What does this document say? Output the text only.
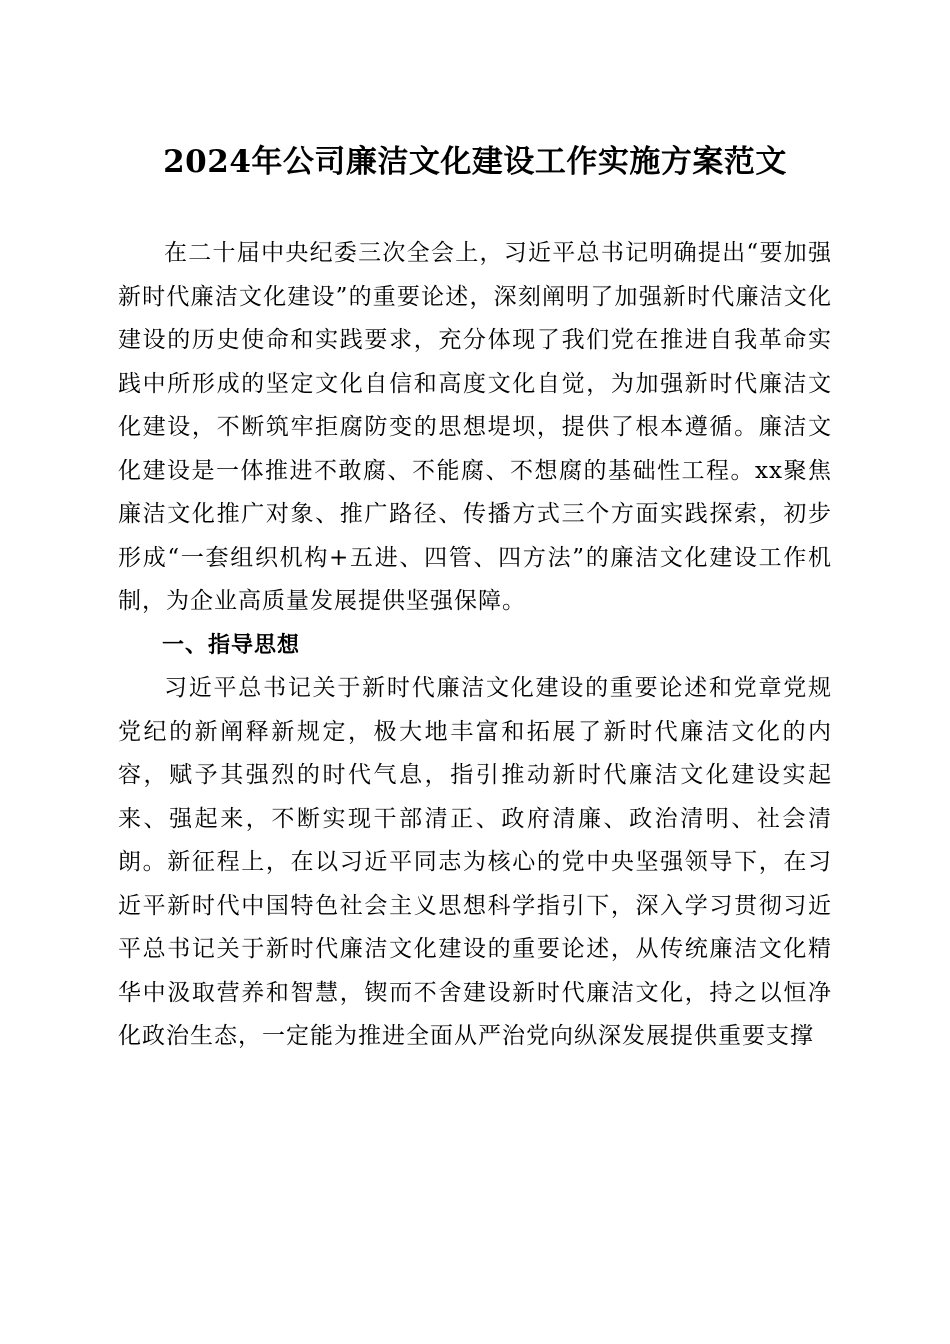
2024年公司廉洁文化建设工作实施方案范文

在二十届中央纪委三次全会上，习近平总书记明确提出“要加强新时代廉洁文化建设”的重要论述，深刻阐明了加强新时代廉洁文化建设的历史使命和实践要求，充分体现了我们党在推进自我革命实践中所形成的坚定文化自信和高度文化自觉，为加强新时代廉洁文化建设，不断筑牢拒腐防变的思想堤坝，提供了根本遵循。廉洁文化建设是一体推进不敢腐、不能腐、不想腐的基础性工程。xx聚焦廉洁文化推广对象、推广路径、传播方式三个方面实践探索，初步形成“一套组织机构+五进、四管、四方法”的廉洁文化建设工作机制，为企业高质量发展提供坚强保障。

一、指导思想

习近平总书记关于新时代廉洁文化建设的重要论述和党章党规党纪的新阐释新规定，极大地丰富和拓展了新时代廉洁文化的内容，赋予其强烈的时代气息，指引推动新时代廉洁文化建设实起来、强起来，不断实现干部清正、政府清廉、政治清明、社会清朗。新征程上，在以习近平同志为核心的党中央坚强领导下，在习近平新时代中国特色社会主义思想科学指引下，深入学习贯彻习近平总书记关于新时代廉洁文化建设的重要论述，从传统廉洁文化精华中汲取营养和智慧，锲而不舍建设新时代廉洁文化，持之以恒净化政治生态，一定能为推进全面从严治党向纵深发展提供重要支撑
